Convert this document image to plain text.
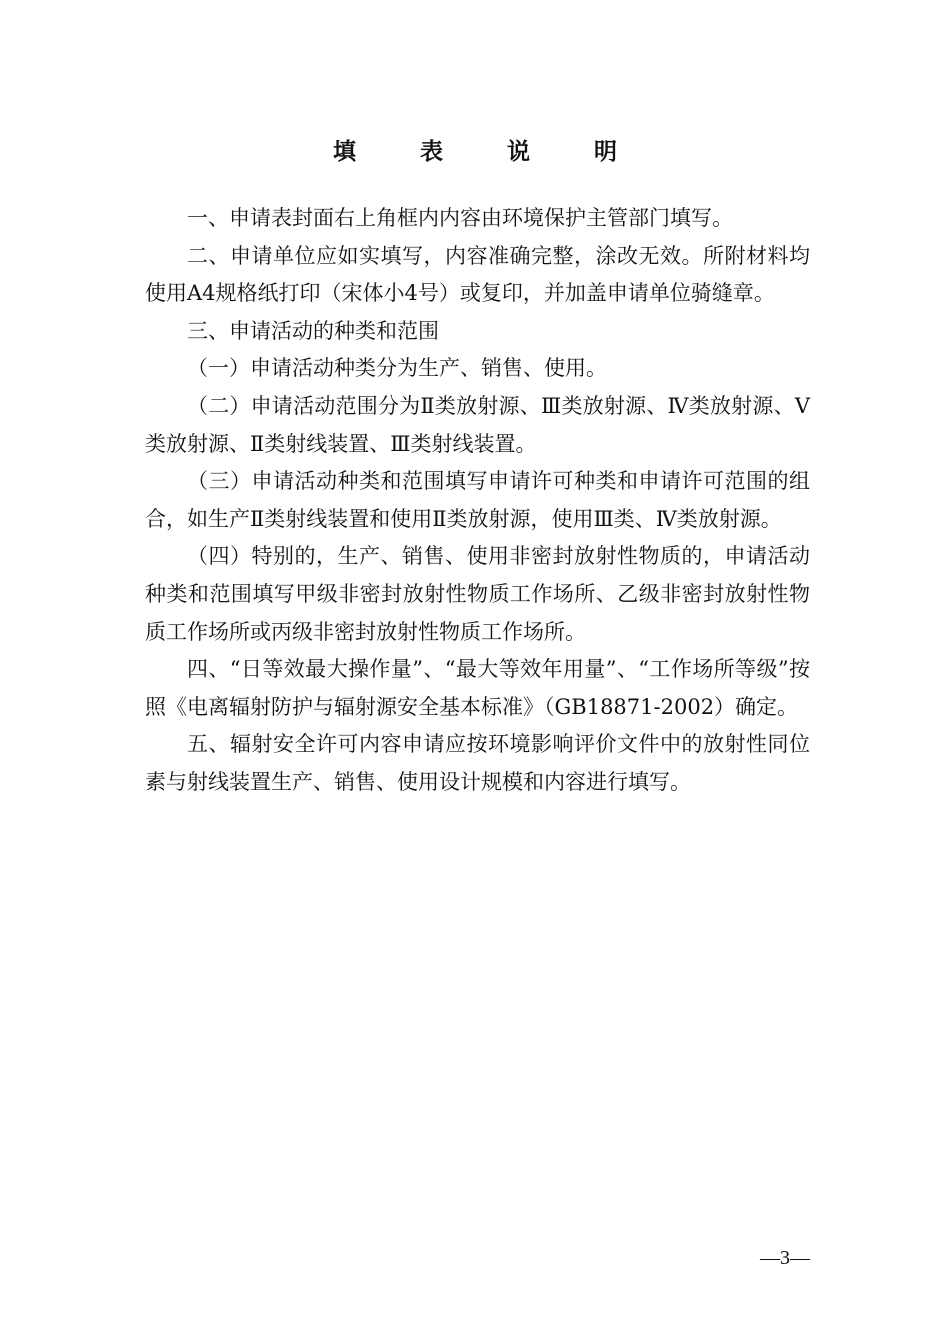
填 表 说 明

一、申请表封面右上角框内内容由环境保护主管部门填写。

二、申请单位应如实填写，内容准确完整，涂改无效。所附材料均使用A4规格纸打印（宋体小4号）或复印，并加盖申请单位骑缝章。

三、申请活动的种类和范围

（一）申请活动种类分为生产、销售、使用。

（二）申请活动范围分为Ⅱ类放射源、Ⅲ类放射源、Ⅳ类放射源、Ⅴ类放射源、Ⅱ类射线装置、Ⅲ类射线装置。

（三）申请活动种类和范围填写申请许可种类和申请许可范围的组合，如生产Ⅱ类射线装置和使用Ⅱ类放射源，使用Ⅲ类、Ⅳ类放射源。

（四）特别的，生产、销售、使用非密封放射性物质的，申请活动种类和范围填写甲级非密封放射性物质工作场所、乙级非密封放射性物质工作场所或丙级非密封放射性物质工作场所。

四、“日等效最大操作量”、“最大等效年用量”、“工作场所等级”按照《电离辐射防护与辐射源安全基本标准》（GB18871-2002）确定。

五、辐射安全许可内容申请应按环境影响评价文件中的放射性同位素与射线装置生产、销售、使用设计规模和内容进行填写。

—3—
